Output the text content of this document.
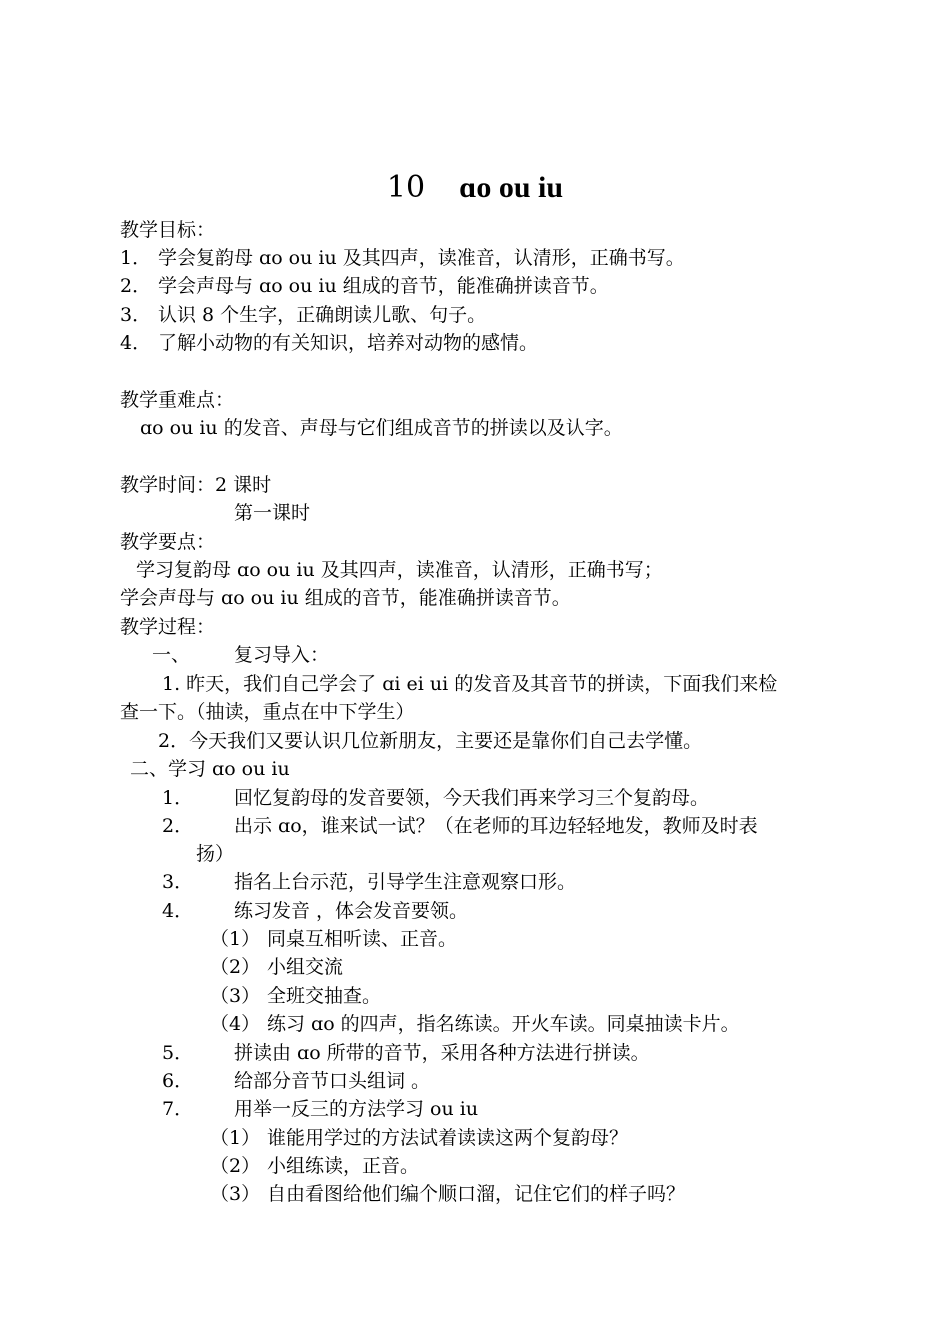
10 ɑo ou iu
教学目标：
1． 学会复韵母 ɑo ou iu 及其四声，读准音，认清形，正确书写。
2． 学会声母与 ɑo ou iu 组成的音节，能准确拼读音节。
3． 认识 8 个生字，正确朗读儿歌、句子。
4． 了解小动物的有关知识，培养对动物的感情。
教学重难点：
ɑo ou iu 的发音、声母与它们组成音节的拼读以及认字。
教学时间：2 课时
第一课时
教学要点：
学习复韵母 ɑo ou iu 及其四声，读准音，认清形，正确书写；
学会声母与 ɑo ou iu 组成的音节，能准确拼读音节。
教学过程：
一、 复习导入：
1. 昨天，我们自己学会了 ɑi ei ui 的发音及其音节的拼读，下面我们来检
查一下。（抽读，重点在中下学生）
2．今天我们又要认识几位新朋友，主要还是靠你们自己去学懂。
二、学习 ɑo ou iu
1． 回忆复韵母的发音要领，今天我们再来学习三个复韵母。
2． 出示 ɑo，谁来试一试？（在老师的耳边轻轻地发，教师及时表
扬）
3． 指名上台示范，引导学生注意观察口形。
4． 练习发音 ，体会发音要领。
（1） 同桌互相听读、正音。
（2） 小组交流
（3） 全班交抽查。
（4） 练习 ɑo 的四声，指名练读。开火车读。同桌抽读卡片。
5． 拼读由 ɑo 所带的音节，采用各种方法进行拼读。
6． 给部分音节口头组词 。
7． 用举一反三的方法学习 ou iu
（1） 谁能用学过的方法试着读读这两个复韵母？
（2） 小组练读，正音。
（3） 自由看图给他们编个顺口溜，记住它们的样子吗？
